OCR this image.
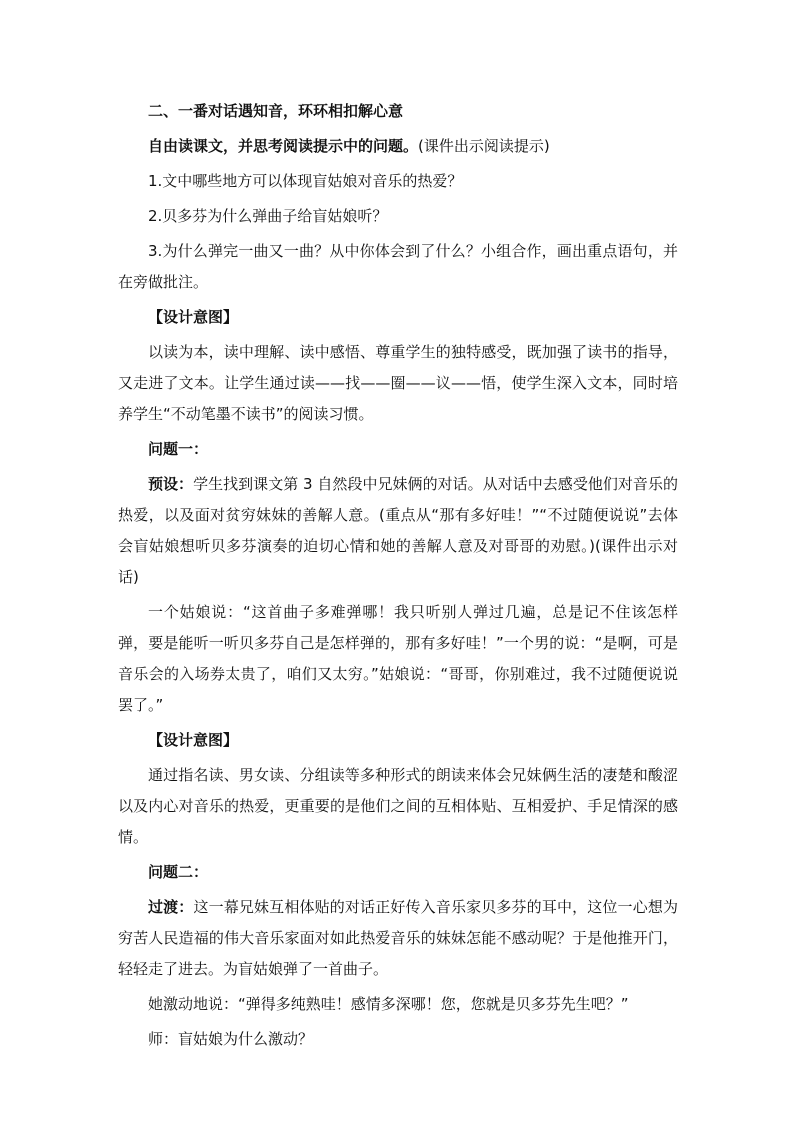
二、一番对话遇知音，环环相扣解心意

自由读课文，并思考阅读提示中的问题。(课件出示阅读提示)

1.文中哪些地方可以体现盲姑娘对音乐的热爱？

2.贝多芬为什么弹曲子给盲姑娘听？

3.为什么弹完一曲又一曲？从中你体会到了什么？小组合作，画出重点语句，并在旁做批注。

【设计意图】

以读为本，读中理解、读中感悟、尊重学生的独特感受，既加强了读书的指导，又走进了文本。让学生通过读——找——圈——议——悟，使学生深入文本，同时培养学生“不动笔墨不读书”的阅读习惯。

问题一：

预设：学生找到课文第 3 自然段中兄妹俩的对话。从对话中去感受他们对音乐的热爱，以及面对贫穷妹妹的善解人意。(重点从“那有多好哇！”“不过随便说说”去体会盲姑娘想听贝多芬演奏的迫切心情和她的善解人意及对哥哥的劝慰。)(课件出示对话)

一个姑娘说：“这首曲子多难弹哪！我只听别人弹过几遍，总是记不住该怎样弹，要是能听一听贝多芬自己是怎样弹的，那有多好哇！”一个男的说：“是啊，可是音乐会的入场券太贵了，咱们又太穷。”姑娘说：“哥哥，你别难过，我不过随便说说罢了。”

【设计意图】

通过指名读、男女读、分组读等多种形式的朗读来体会兄妹俩生活的凄楚和酸涩以及内心对音乐的热爱，更重要的是他们之间的互相体贴、互相爱护、手足情深的感情。

问题二：

过渡：这一幕兄妹互相体贴的对话正好传入音乐家贝多芬的耳中，这位一心想为穷苦人民造福的伟大音乐家面对如此热爱音乐的妹妹怎能不感动呢？于是他推开门，轻轻走了进去。为盲姑娘弹了一首曲子。

她激动地说：“弹得多纯熟哇！感情多深哪！您，您就是贝多芬先生吧？”

师：盲姑娘为什么激动？
